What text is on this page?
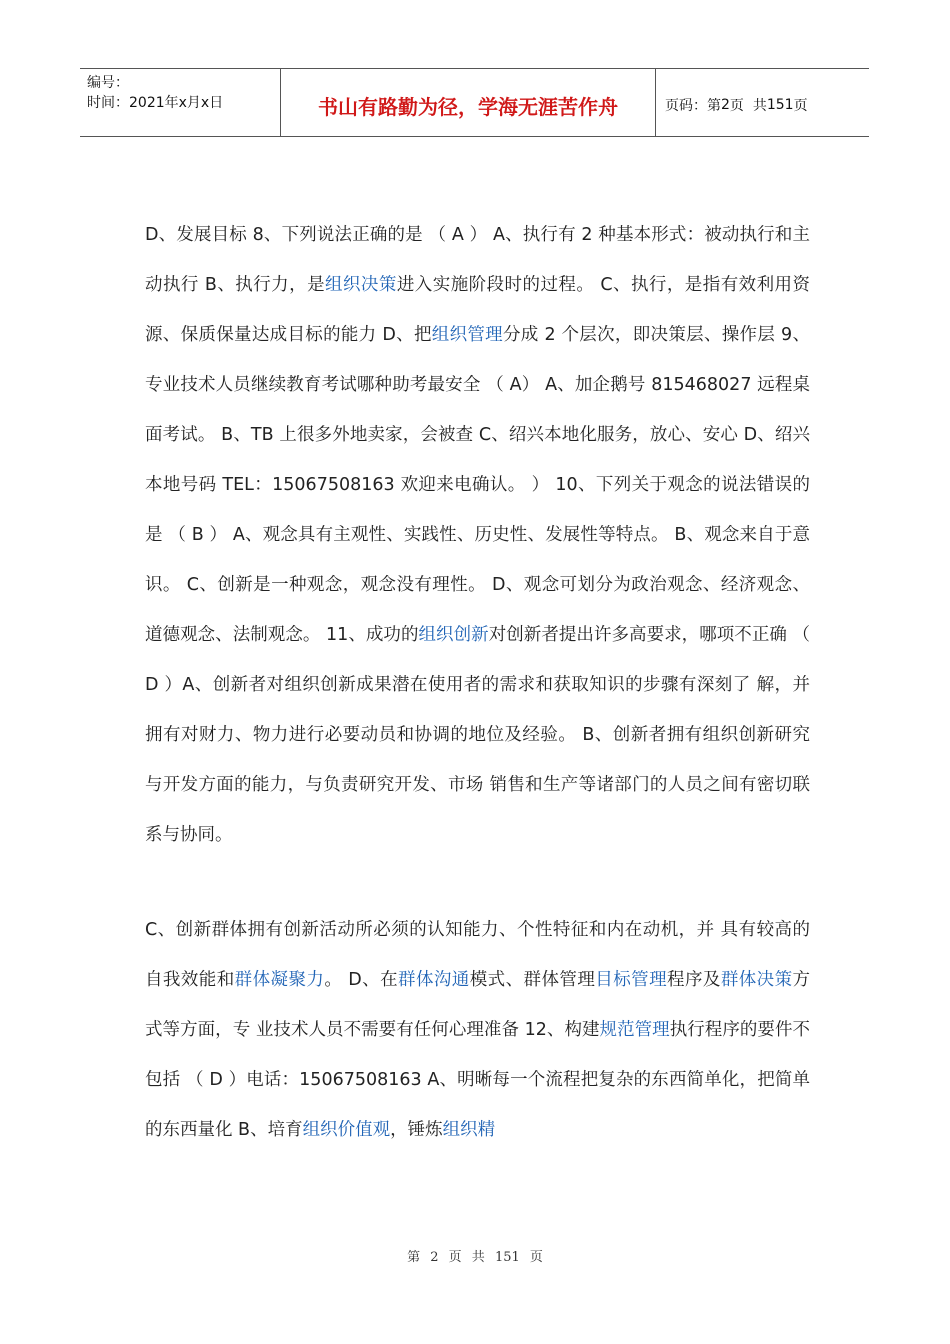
编号：
时间：2021年x月x日	书山有路勤为径，学海无涯苦作舟	页码：第 2 页  共 151 页

D、发展目标 8、下列说法正确的是 （ A ） A、执行有 2 种基本形式：被动执行和主动执行 B、执行力，是组织决策进入实施阶段时的过程。 C、执行，是指有效利用资源、保质保量达成目标的能力 D、把组织管理分成 2 个层次，即决策层、操作层 9、专业技术人员继续教育考试哪种助考最安全 （ A） A、加企鹅号 815468027 远程桌面考试。 B、TB 上很多外地卖家，会被查 C、绍兴本地化服务，放心、安心 D、绍兴本地号码 TEL：15067508163 欢迎来电确认。 ） 10、下列关于观念的说法错误的是 （ B ） A、观念具有主观性、实践性、历史性、发展性等特点。 B、观念来自于意识。 C、创新是一种观念，观念没有理性。 D、观念可划分为政治观念、经济观念、道德观念、法制观念。 11、成功的组织创新对创新者提出许多高要求，哪项不正确 （ D ）A、创新者对组织创新成果潜在使用者的需求和获取知识的步骤有深刻了 解，并拥有对财力、物力进行必要动员和协调的地位及经验。 B、创新者拥有组织创新研究与开发方面的能力，与负责研究开发、市场 销售和生产等诸部门的人员之间有密切联系与协同。

C、创新群体拥有创新活动所必须的认知能力、个性特征和内在动机，并 具有较高的自我效能和群体凝聚力。 D、在群体沟通模式、群体管理目标管理程序及群体决策方式等方面，专 业技术人员不需要有任何心理准备 12、构建规范管理执行程序的要件不包括 （ D ）电话：15067508163 A、明晰每一个流程把复杂的东西简单化，把简单的东西量化 B、培育组织价值观，锤炼组织精

第 2 页 共 151 页
